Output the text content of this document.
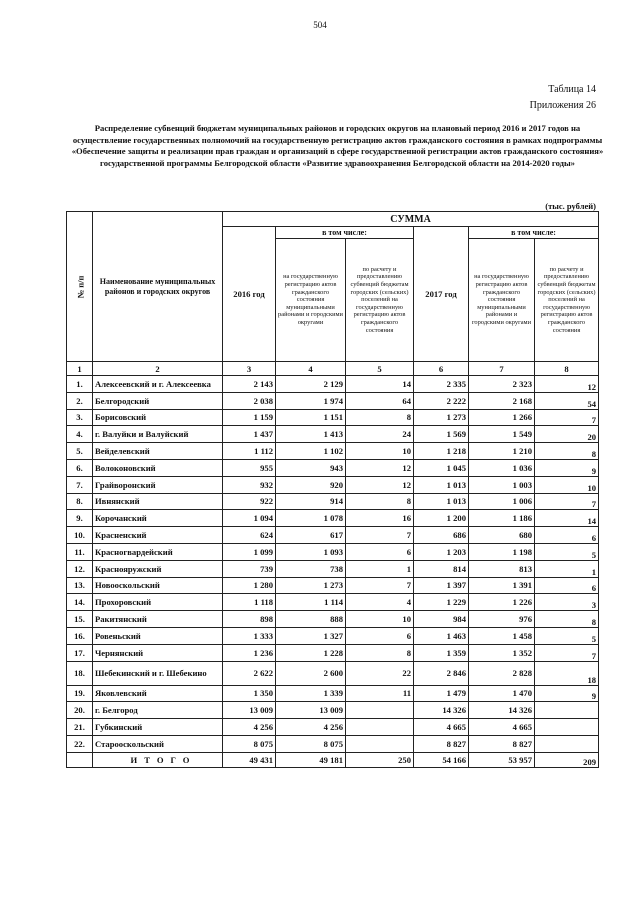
504
Таблица 14
Приложения 26
Распределение субвенций бюджетам муниципальных районов и городских округов на плановый период 2016 и 2017 годов на осуществление государственных полномочий на государственную регистрацию актов гражданского состояния в рамках подпрограммы «Обеспечение защиты и реализации прав граждан и организаций в сфере государственной регистрации актов гражданского состояния» государственной программы Белгородской области «Развитие здравоохранения Белгородской области на 2014-2020 годы»
(тыс. рублей)
№ п/п	Наименование муниципальных районов и городских округов	СУММА					
		2016 год	в том числе:		2017 год	в том числе:	
			на государственную регистрацию актов гражданского состояния муниципальными районами и городскими округами	по расчету и предоставлению субвенций бюджетам городских (сельских) поселений на государственную регистрацию актов гражданского состояния		на государственную регистрацию актов гражданского состояния муниципальными районами и городскими округами	по расчету и предоставлению субвенций бюджетам городских (сельских) поселений на государственную регистрацию актов гражданского состояния
1	2	3	4	5	6	7	8
1.	Алексеевский и г. Алексеевка	2 143	2 129	14	2 335	2 323	12
2.	Белгородский	2 038	1 974	64	2 222	2 168	54
3.	Борисовский	1 159	1 151	8	1 273	1 266	7
4.	г. Валуйки и Валуйский	1 437	1 413	24	1 569	1 549	20
5.	Вейделевский	1 112	1 102	10	1 218	1 210	8
6.	Волоконовский	955	943	12	1 045	1 036	9
7.	Грайворонский	932	920	12	1 013	1 003	10
8.	Ивнянский	922	914	8	1 013	1 006	7
9.	Корочанский	1 094	1 078	16	1 200	1 186	14
10.	Красненский	624	617	7	686	680	6
11.	Красногвардейский	1 099	1 093	6	1 203	1 198	5
12.	Краснояружский	739	738	1	814	813	1
13.	Новооскольский	1 280	1 273	7	1 397	1 391	6
14.	Прохоровский	1 118	1 114	4	1 229	1 226	3
15.	Ракитянский	898	888	10	984	976	8
16.	Ровеньский	1 333	1 327	6	1 463	1 458	5
17.	Чернянский	1 236	1 228	8	1 359	1 352	7
18.	Шебекинский и г. Шебекино	2 622	2 600	22	2 846	2 828	18
19.	Яковлевский	1 350	1 339	11	1 479	1 470	9
20.	г. Белгород	13 009	13 009		14 326	14 326	
21.	Губкинский	4 256	4 256		4 665	4 665	
22.	Старооскольский	8 075	8 075		8 827	8 827	
	ИТОГО	49 431	49 181	250	54 166	53 957	209
